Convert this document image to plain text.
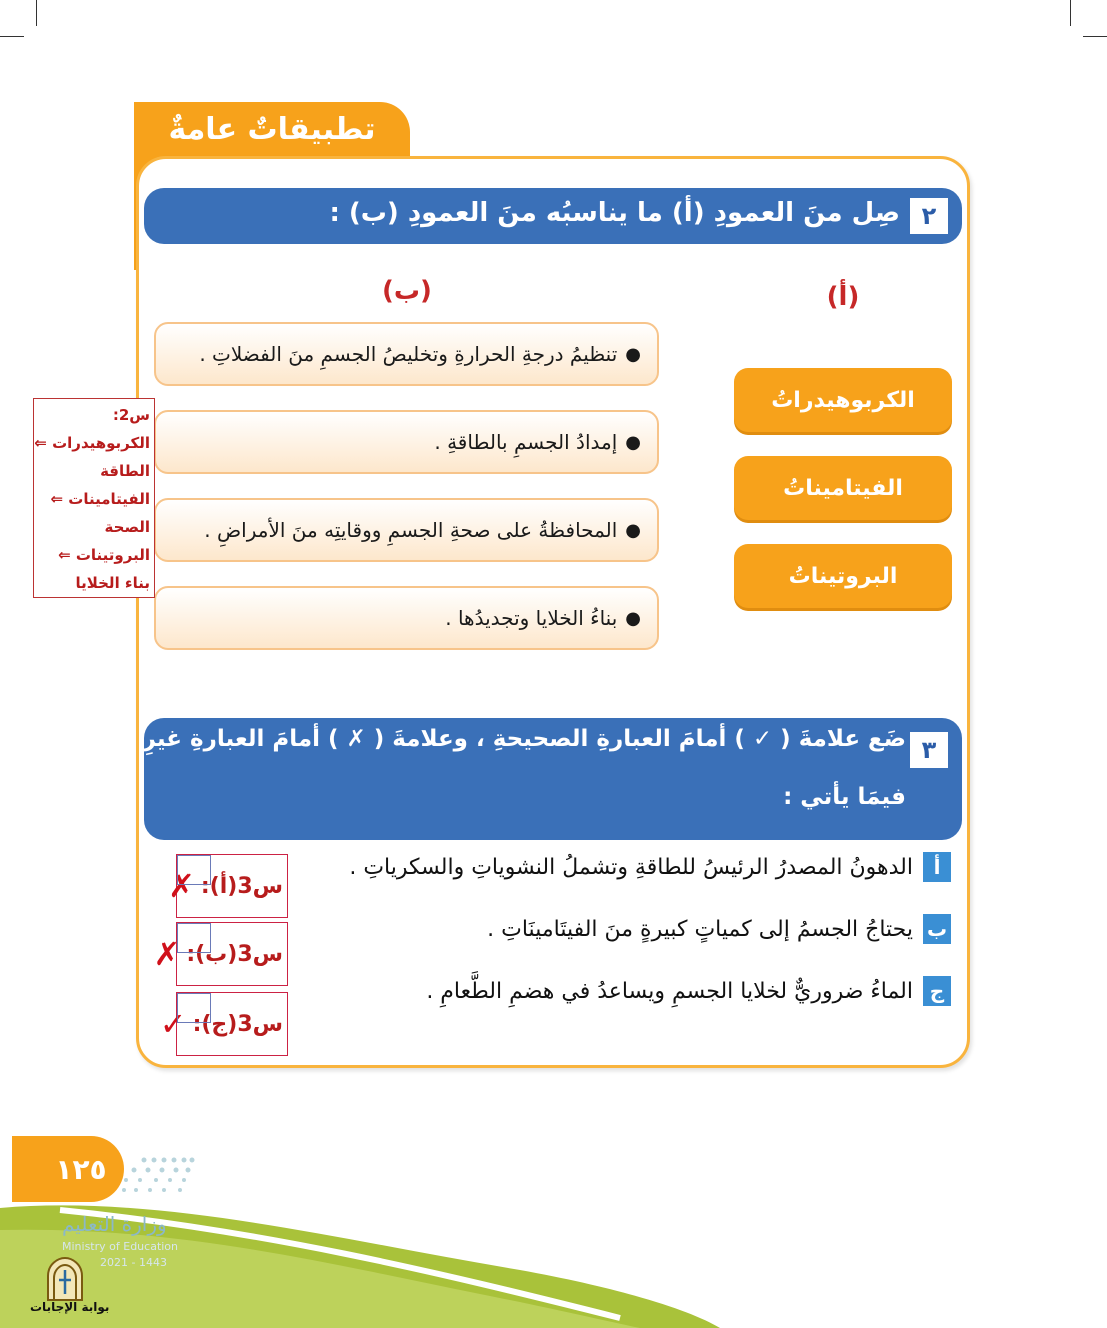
تطبيقاتٌ عامةٌ
٢
صِل منَ العمودِ (أ) ما يناسبُه منَ العمودِ (ب) :
(ب)	(أ)
●
تنظيمُ درجةِ الحرارةِ وتخليصُ الجسمِ منَ الفضلاتِ .
●
إمدادُ الجسمِ بالطاقةِ .
●
المحافظةُ على صحةِ الجسمِ ووقايتِه منَ الأمراضِ .
●
بناءُ الخلايا وتجديدُها .
الكربوهيدراتُ
الفيتاميناتُ
البروتيناتُ
س2:
الكربوهيدرات ⇐
الطاقة
الفيتامينات ⇐
الصحة
البروتينات ⇐
بناء الخلايا
٣
ضَع علامةَ ( ✓ ) أمامَ العبارةِ الصحيحةِ ، وعلامةَ ( ✗ ) أمامَ العبارةِ غيرِ الصحيحةِ ،
فيمَا يأتي :
أ
الدهونُ المصدرُ الرئيسُ للطاقةِ وتشملُ النشوياتِ والسكرياتِ .
ب
يحتاجُ الجسمُ إلى كمياتٍ كبيرةٍ منَ الفيتَامينَاتِ .
ج
الماءُ ضروريٌّ لخلايا الجسمِ ويساعدُ في هضمِ الطَّعامِ .
س3(أ):
✗
س3(ب):
✗
س3(ج):
✓
١٢٥
وزارة التعليم
Ministry of Education
2021 - 1443
بوابة الإجابات
